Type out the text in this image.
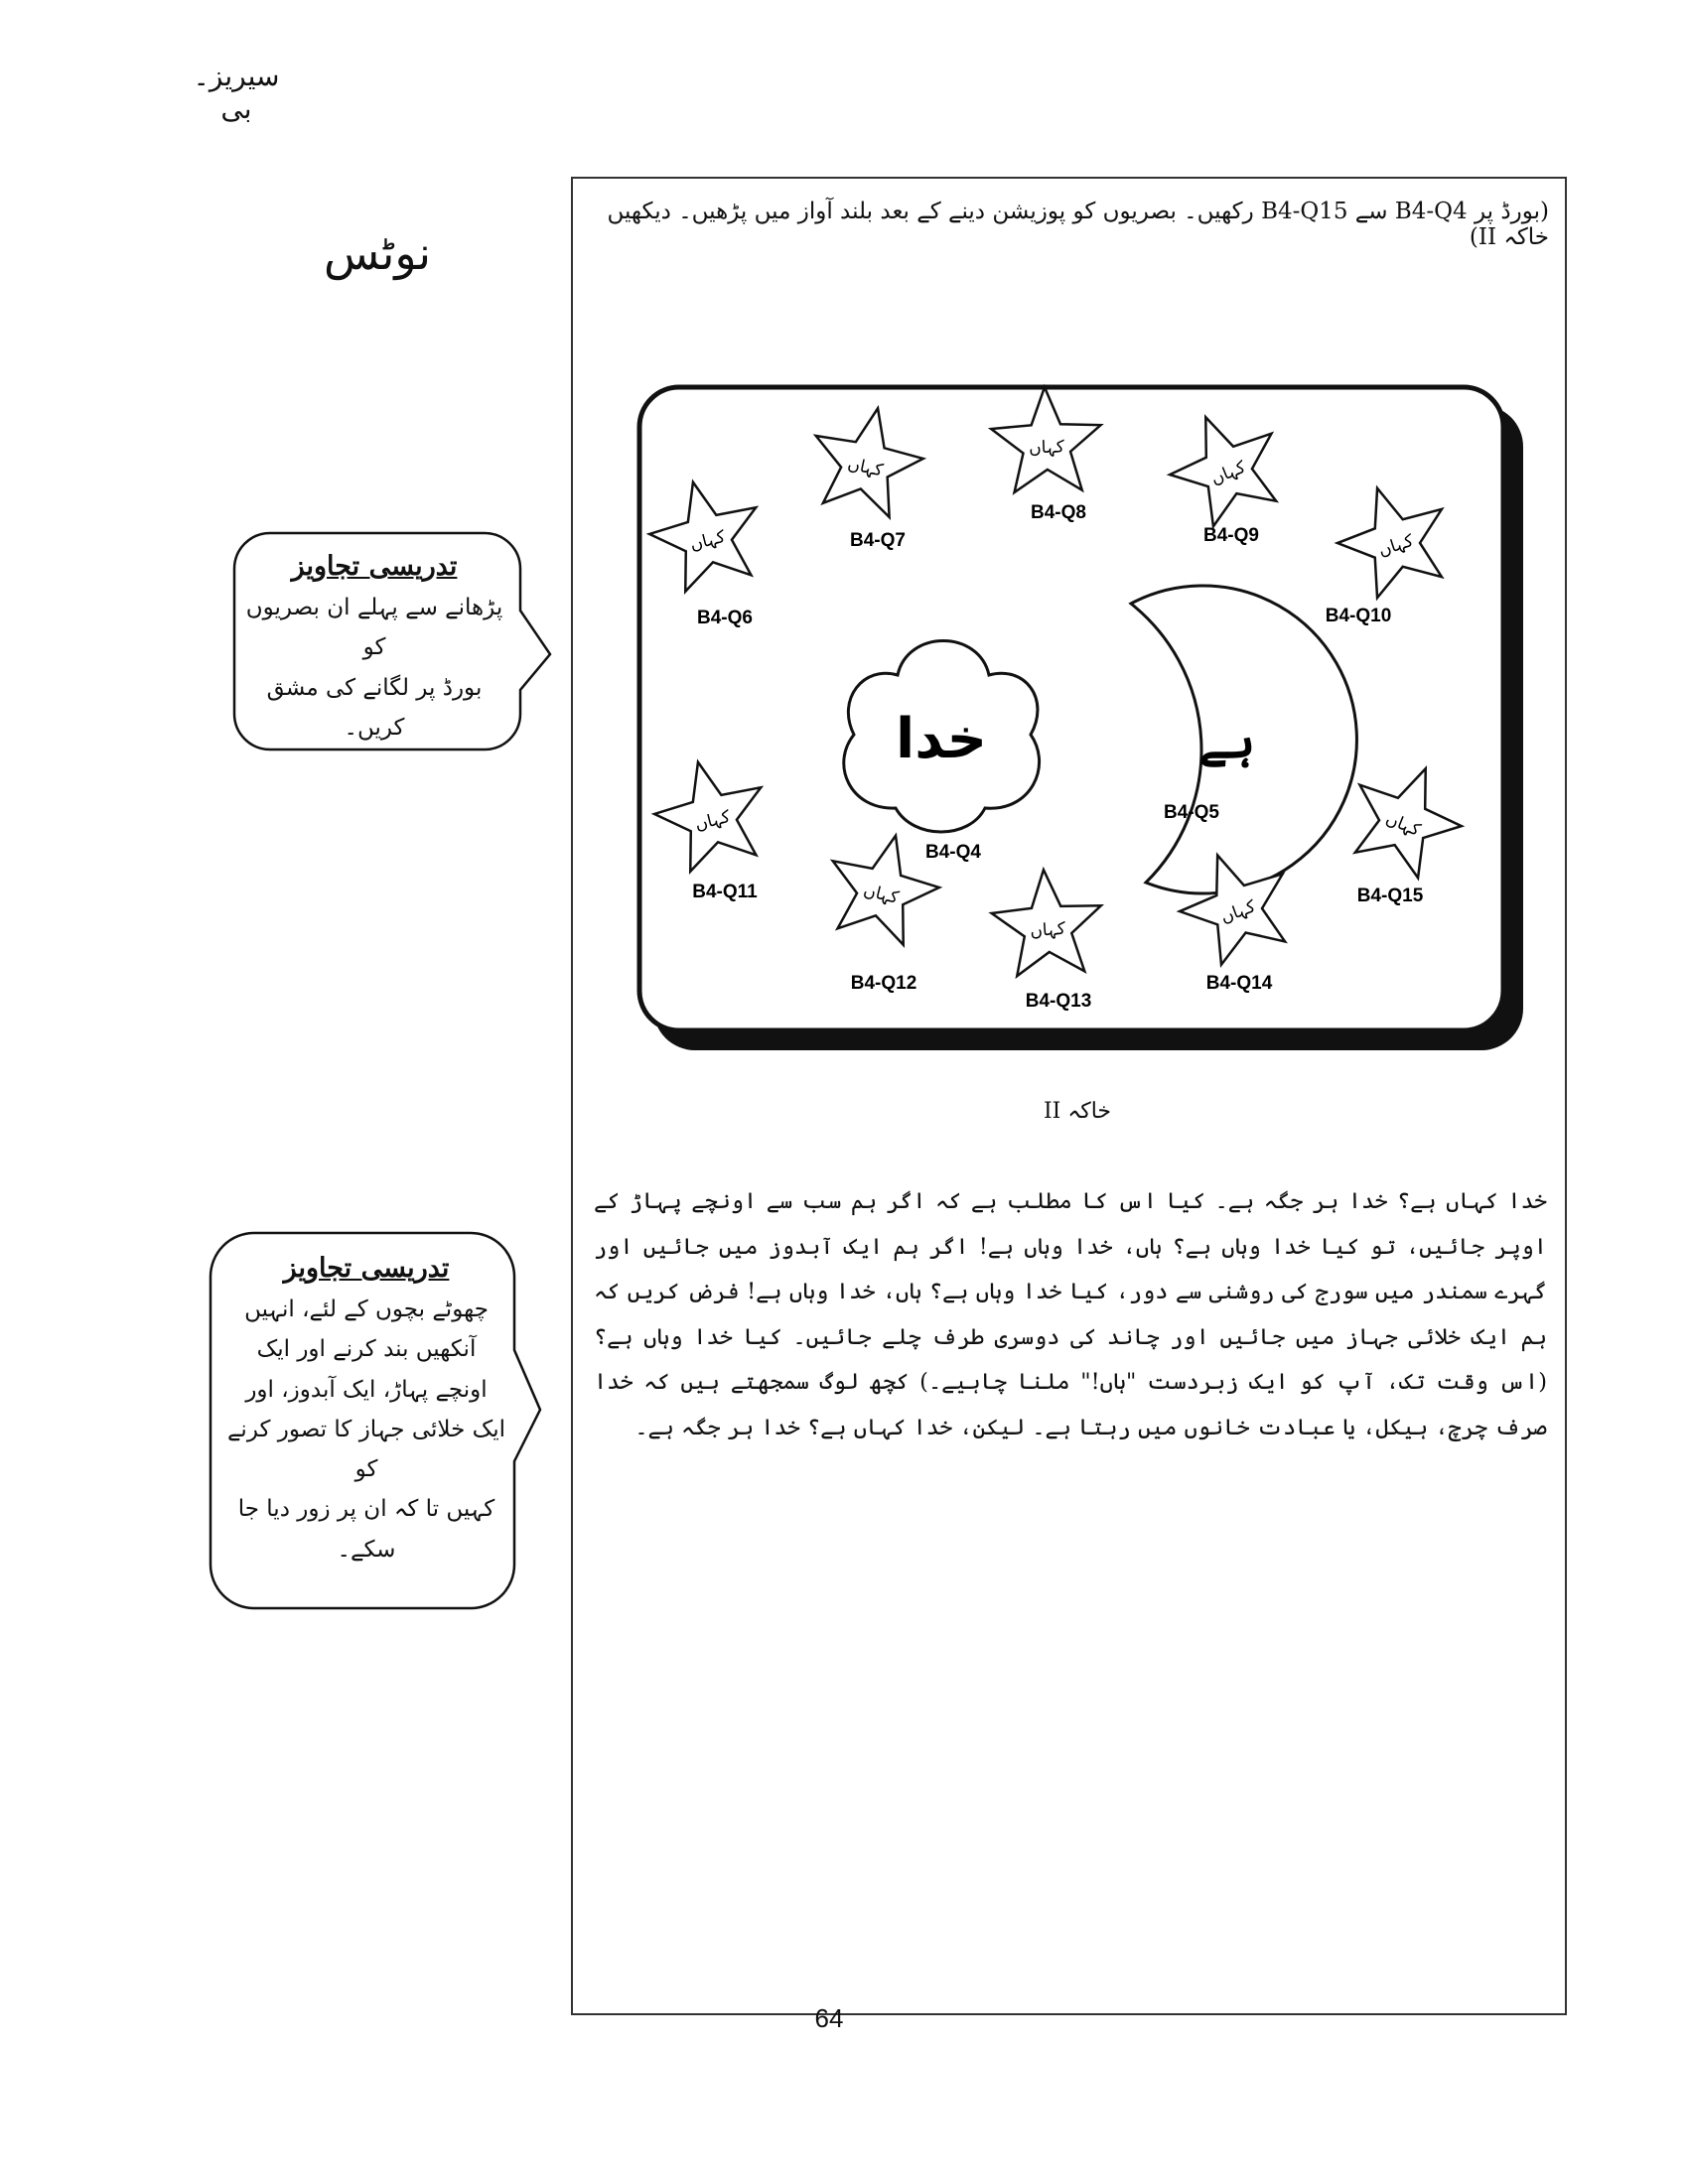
سیریز۔ بی
نوٹس
تدریسی تجاویز
پڑھانے سے پہلے ان بصریوں کو
بورڈ پر لگانے کی مشق کریں۔
تدریسی تجاویز
چھوٹے بچوں کے لئے، انہیں
آنکھیں بند کرنے اور ایک
اونچے پہاڑ، ایک آبدوز، اور
ایک خلائی جہاز کا تصور کرنے کو
کہیں تا کہ ان پر زور دیا جا سکے۔
(بورڈ پر B4-Q4 سے B4-Q15 رکھیں۔ بصریوں کو پوزیشن دینے کے بعد بلند آواز میں پڑھیں۔ دیکھیں خاکہ II)
خدا
B4-Q4
ہے
B4-Q5
کہاں
B4-Q6
کہاں
B4-Q7
کہاں
B4-Q8
کہاں
B4-Q9	کہاں
B4-Q10
کہاں
B4-Q11	کہاں
B4-Q12
کہاں
B4-Q13
کہاں
B4-Q14
کہاں
B4-Q15
خاکہ II
خدا کہاں ہے؟ خدا ہر جگہ ہے۔ کیا اس کا مطلب ہے کہ اگر ہم سب سے اونچے پہاڑ کے اوپر جائیں، تو کیا خدا وہاں ہے؟ ہاں، خدا وہاں ہے! اگر ہم ایک آبدوز میں جائیں اور گہرے سمندر میں سورج کی روشنی سے دور، کیا خدا وہاں ہے؟ ہاں، خدا وہاں ہے! فرض کریں کہ ہم ایک خلائی جہاز میں جائیں اور چاند کی دوسری طرف چلے جائیں۔ کیا خدا وہاں ہے؟ (اس وقت تک، آپ کو ایک زبردست "ہاں!" ملنا چاہیے۔) کچھ لوگ سمجھتے ہیں کہ خدا صرف چرچ، ہیکل، یا عبادت خانوں میں رہتا ہے۔ لیکن، خدا کہاں ہے؟ خدا ہر جگہ ہے۔
64
